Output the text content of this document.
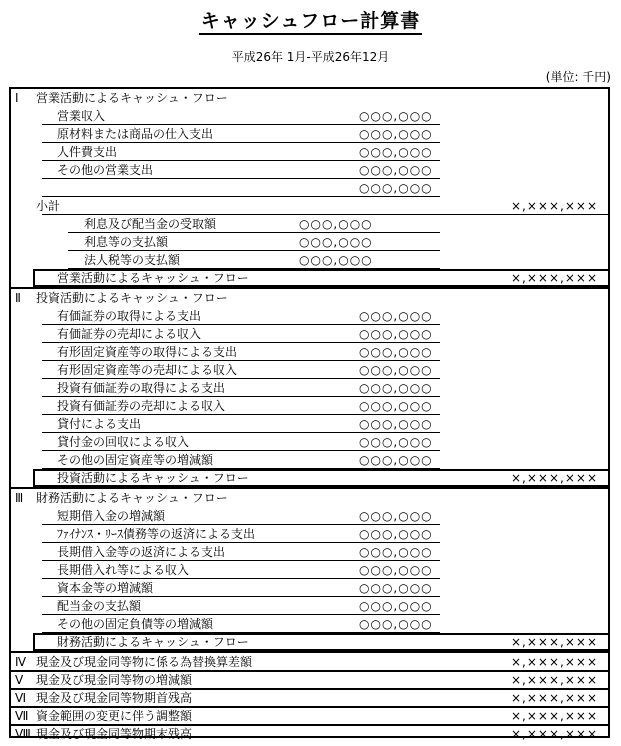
キャッシュフロー計算書
平成26年 1月-平成26年12月
(単位: 千円)
Ⅰ 営業活動によるキャッシュ・フロー
営業収入	○○○,○○○
原材料または商品の仕入支出	○○○,○○○
人件費支出	○○○,○○○
その他の営業支出	○○○,○○○
○○○,○○○
小計	×,×××,×××
利息及び配当金の受取額	○○○,○○○
利息等の支払額	○○○,○○○
法人税等の支払額	○○○,○○○
営業活動によるキャッシュ・フロー	×,×××,×××
Ⅱ 投資活動によるキャッシュ・フロー
有価証券の取得による支出	○○○,○○○
有価証券の売却による収入	○○○,○○○
有形固定資産等の取得による支出	○○○,○○○
有形固定資産等の売却による収入	○○○,○○○
投資有価証券の取得による支出	○○○,○○○
投資有価証券の売却による収入	○○○,○○○
貸付による支出	○○○,○○○
貸付金の回収による収入	○○○,○○○
その他の固定資産等の増減額	○○○,○○○
投資活動によるキャッシュ・フロー	×,×××,×××
Ⅲ 財務活動によるキャッシュ・フロー
短期借入金の増減額	○○○,○○○
ﾌｧｲﾅﾝｽ・ﾘｰｽ債務等の返済による支出	○○○,○○○
長期借入金等の返済による支出	○○○,○○○
長期借入れ等による収入	○○○,○○○
資本金等の増減額	○○○,○○○
配当金の支払額	○○○,○○○
その他の固定負債等の増減額	○○○,○○○
財務活動によるキャッシュ・フロー	×,×××,×××
Ⅳ 現金及び現金同等物に係る為替換算差額	×,×××,×××
Ⅴ 現金及び現金同等物の増減額	×,×××,×××
Ⅵ 現金及び現金同等物期首残高	×,×××,×××
Ⅶ 資金範囲の変更に伴う調整額	×,×××,×××
Ⅷ 現金及び現金同等物期末残高	×,×××,×××
